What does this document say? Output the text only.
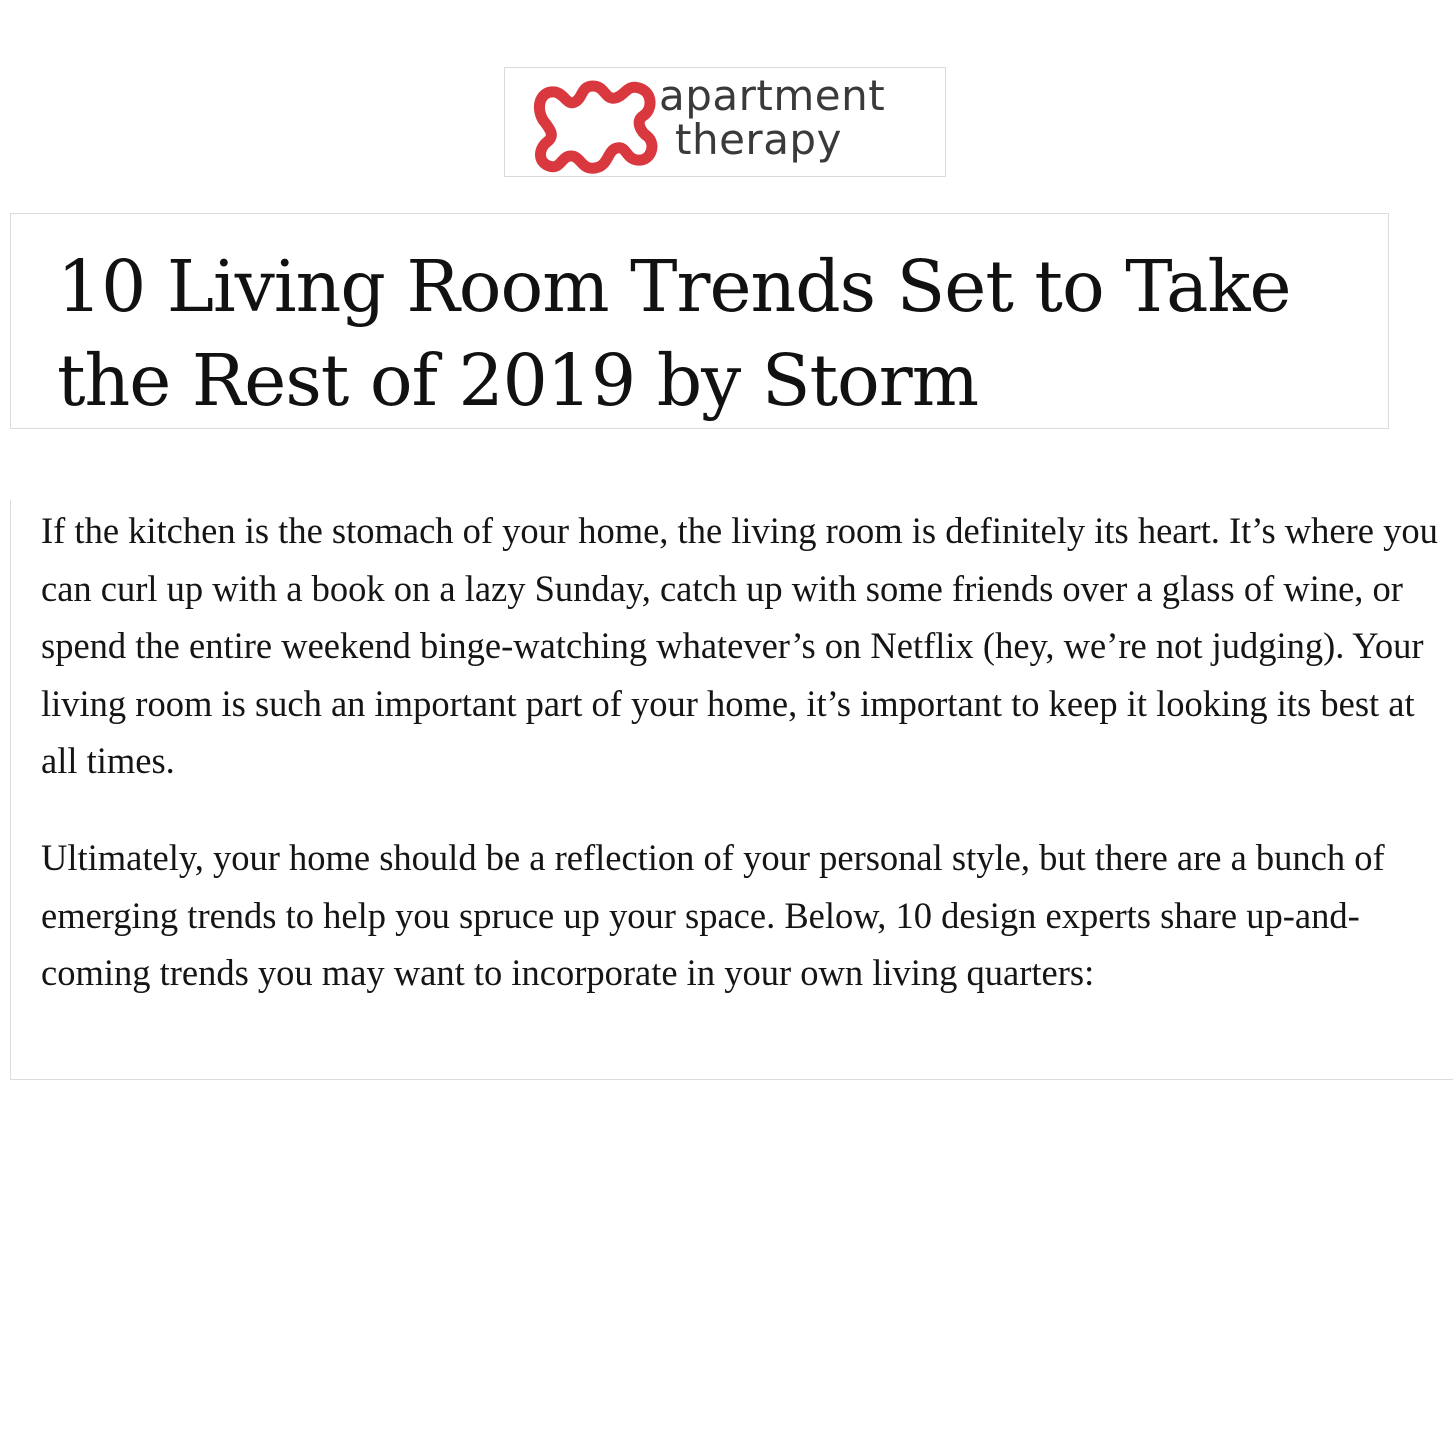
apartment
therapy
10 Living Room Trends Set to Take the Rest of 2019 by Storm

If the kitchen is the stomach of your home, the living room is definitely its heart. It’s where you can curl up with a book on a lazy Sunday, catch up with some friends over a glass of wine, or spend the entire weekend binge-watching whatever’s on Netflix (hey, we’re not judging). Your living room is such an important part of your home, it’s important to keep it looking its best at all times.

Ultimately, your home should be a reflection of your personal style, but there are a bunch of emerging trends to help you spruce up your space. Below, 10 design experts share up-and-coming trends you may want to incorporate in your own living quarters:
